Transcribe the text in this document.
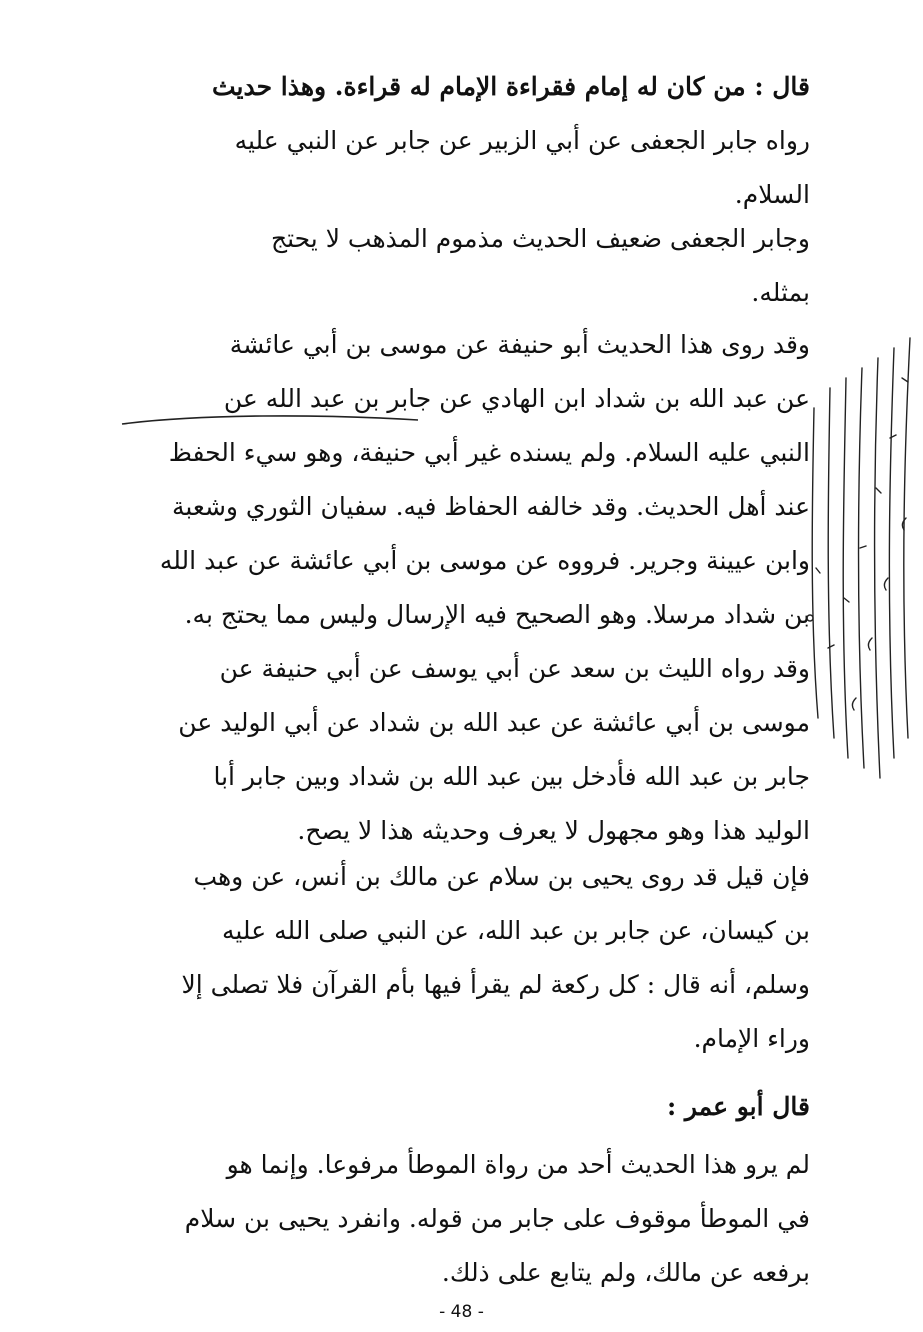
قال : من كان له إمام فقراءة الإمام له قراءة. وهذا حديث
رواه جابر الجعفى عن أبي الزبير عن جابر عن النبي عليه
السلام.

وجابر الجعفى ضعيف الحديث مذموم المذهب لا يحتج
بمثله.

وقد روى هذا الحديث أبو حنيفة عن موسى بن أبي عائشة
عن عبد الله بن شداد ابن الهادي عن جابر بن عبد الله عن
النبي عليه السلام. ولم يسنده غير أبي حنيفة، وهو سيء الحفظ
عند أهل الحديث. وقد خالفه الحفاظ فيه. سفيان الثوري وشعبة
وابن عيينة وجرير. فرووه عن موسى بن أبي عائشة عن عبد الله
بن شداد مرسلا. وهو الصحيح فيه الإرسال وليس مما يحتج به.
وقد رواه الليث بن سعد عن أبي يوسف عن أبي حنيفة عن
موسى بن أبي عائشة عن عبد الله بن شداد عن أبي الوليد عن
جابر بن عبد الله فأدخل بين عبد الله بن شداد وبين جابر أبا
الوليد هذا وهو مجهول لا يعرف وحديثه هذا لا يصح.

فإن قيل قد روى يحيى بن سلام عن مالك بن أنس، عن وهب
بن كيسان، عن جابر بن عبد الله، عن النبي صلى الله عليه
وسلم، أنه قال : كل ركعة لم يقرأ فيها بأم القرآن فلا تصلى إلا
وراء الإمام.

قال أبو عمر :

لم يرو هذا الحديث أحد من رواة الموطأ مرفوعا. وإنما هو
في الموطأ موقوف على جابر من قوله. وانفرد يحيى بن سلام
برفعه عن مالك، ولم يتابع على ذلك.

- 48 -
